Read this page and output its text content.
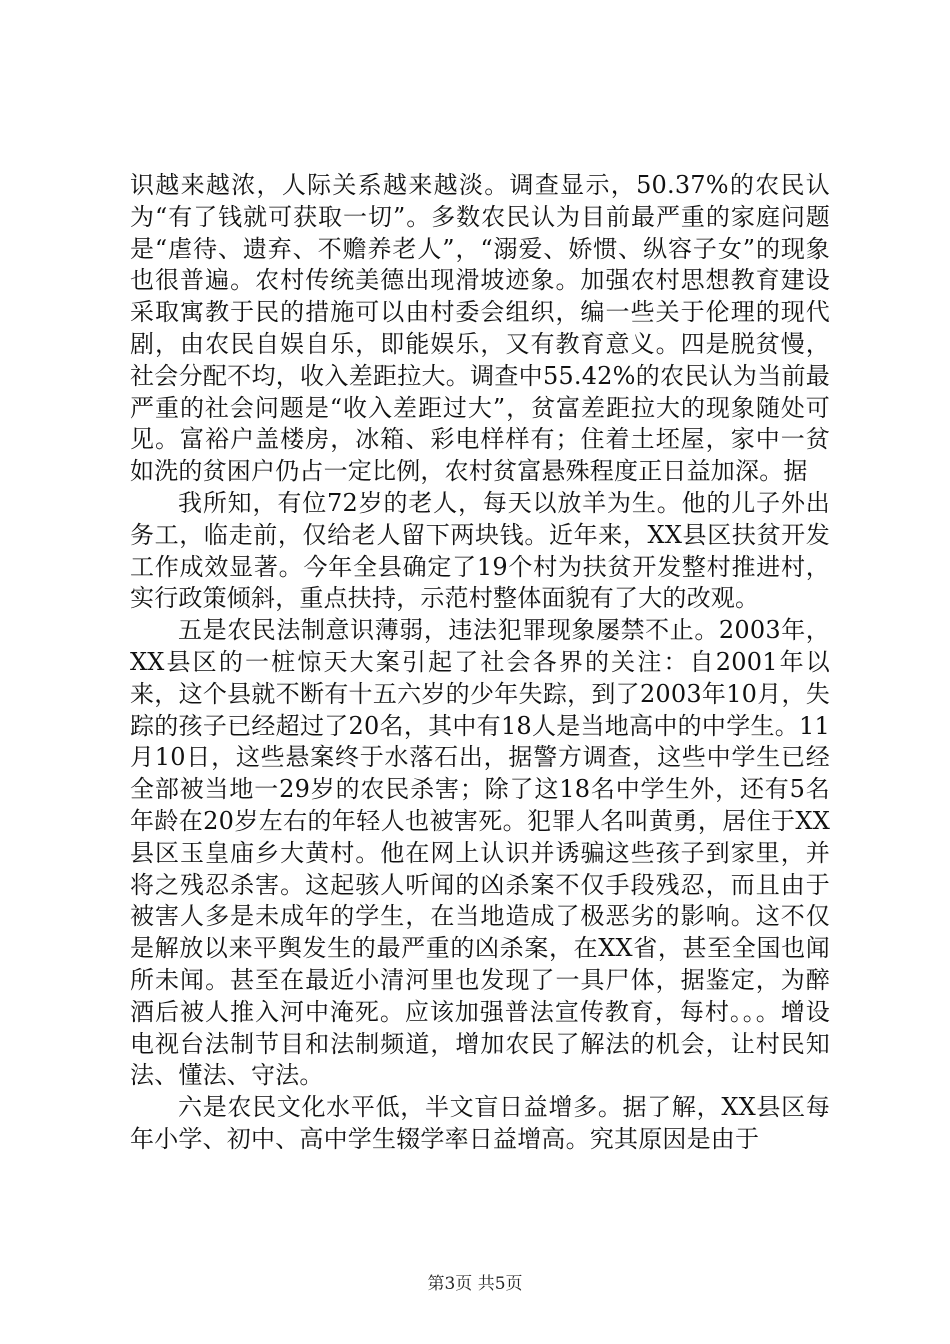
识越来越浓，人际关系越来越淡。调查显示，50.37%的农民认为“有了钱就可获取一切”。多数农民认为目前最严重的家庭问题是“虐待、遗弃、不赡养老人”，“溺爱、娇惯、纵容子女”的现象也很普遍。农村传统美德出现滑坡迹象。加强农村思想教育建设采取寓教于民的措施可以由村委会组织，编一些关于伦理的现代剧，由农民自娱自乐，即能娱乐，又有教育意义。四是脱贫慢，社会分配不均，收入差距拉大。调查中55.42%的农民认为当前最严重的社会问题是“收入差距过大”，贫富差距拉大的现象随处可见。富裕户盖楼房，冰箱、彩电样样有；住着土坯屋，家中一贫如洗的贫困户仍占一定比例，农村贫富悬殊程度正日益加深。据

我所知，有位72岁的老人，每天以放羊为生。他的儿子外出务工，临走前，仅给老人留下两块钱。近年来，XX县区扶贫开发工作成效显著。今年全县确定了19个村为扶贫开发整村推进村，实行政策倾斜，重点扶持，示范村整体面貌有了大的改观。

五是农民法制意识薄弱，违法犯罪现象屡禁不止。2003年，XX县区的一桩惊天大案引起了社会各界的关注：自2001年以来，这个县就不断有十五六岁的少年失踪，到了2003年10月，失踪的孩子已经超过了20名，其中有18人是当地高中的中学生。11月10日，这些悬案终于水落石出，据警方调查，这些中学生已经全部被当地一29岁的农民杀害；除了这18名中学生外，还有5名年龄在20岁左右的年轻人也被害死。犯罪人名叫黄勇，居住于XX县区玉皇庙乡大黄村。他在网上认识并诱骗这些孩子到家里，并将之残忍杀害。这起骇人听闻的凶杀案不仅手段残忍，而且由于被害人多是未成年的学生，在当地造成了极恶劣的影响。这不仅是解放以来平舆发生的最严重的凶杀案，在XX省，甚至全国也闻所未闻。甚至在最近小清河里也发现了一具尸体，据鉴定，为醉酒后被人推入河中淹死。应该加强普法宣传教育，每村。。。增设电视台法制节目和法制频道，增加农民了解法的机会，让村民知法、懂法、守法。

六是农民文化水平低，半文盲日益增多。据了解，XX县区每年小学、初中、高中学生辍学率日益增高。究其原因是由于

第3页 共5页
